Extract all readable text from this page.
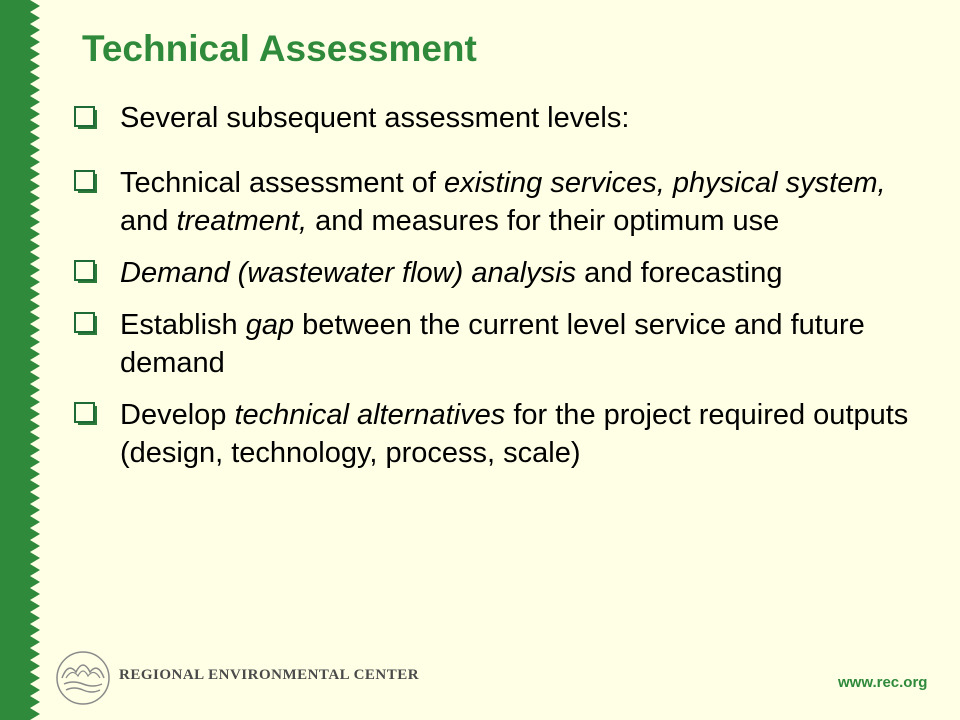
Technical Assessment
Several subsequent assessment levels:
Technical assessment of existing services, physical system, and treatment, and measures for their optimum use
Demand (wastewater flow) analysis and forecasting
Establish gap between the current level service and future demand
Develop technical alternatives for the project required outputs (design, technology, process, scale)
REGIONAL ENVIRONMENTAL CENTER	www.rec.org
